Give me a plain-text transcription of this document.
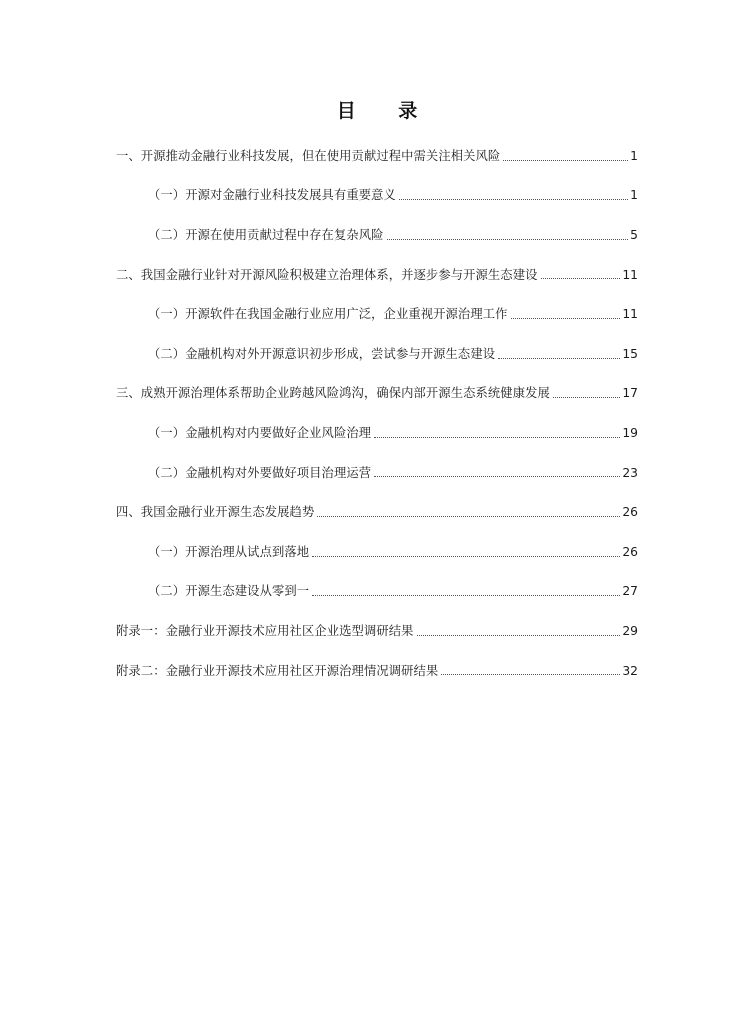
目 录
一、开源推动金融行业科技发展，但在使用贡献过程中需关注相关风险	1
（一）开源对金融行业科技发展具有重要意义	1
（二）开源在使用贡献过程中存在复杂风险	5
二、我国金融行业针对开源风险积极建立治理体系，并逐步参与开源生态建设	11
（一）开源软件在我国金融行业应用广泛，企业重视开源治理工作	11
（二）金融机构对外开源意识初步形成，尝试参与开源生态建设	15
三、成熟开源治理体系帮助企业跨越风险鸿沟，确保内部开源生态系统健康发展	17
（一）金融机构对内要做好企业风险治理	19
（二）金融机构对外要做好项目治理运营	23
四、我国金融行业开源生态发展趋势	26
（一）开源治理从试点到落地	26
（二）开源生态建设从零到一	27
附录一：金融行业开源技术应用社区企业选型调研结果	29
附录二：金融行业开源技术应用社区开源治理情况调研结果	32
